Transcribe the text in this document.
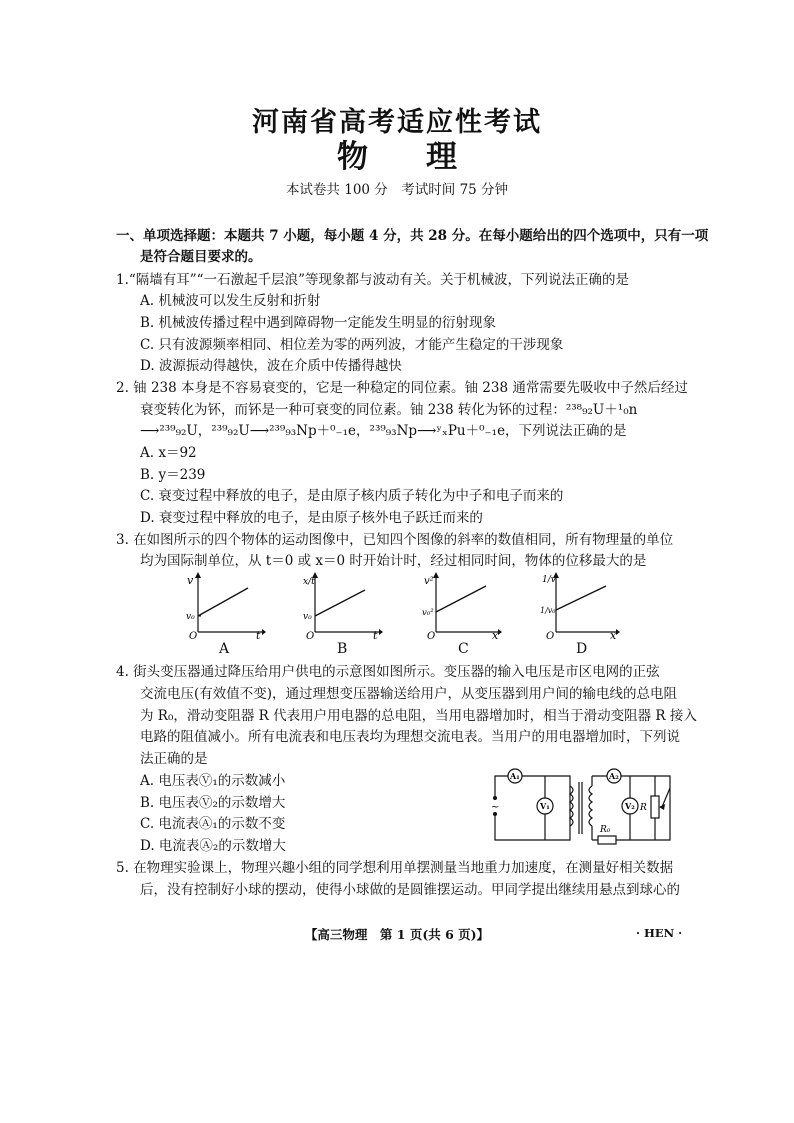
河南省高考适应性考试
物理
本试卷共 100 分　考试时间 75 分钟
一、单项选择题：本题共 7 小题，每小题 4 分，共 28 分。在每小题给出的四个选项中，只有一项
是符合题目要求的。
1.“隔墙有耳”“一石激起千层浪”等现象都与波动有关。关于机械波，下列说法正确的是
A. 机械波可以发生反射和折射
B. 机械波传播过程中遇到障碍物一定能发生明显的衍射现象
C. 只有波源频率相同、相位差为零的两列波，才能产生稳定的干涉现象
D. 波源振动得越快，波在介质中传播得越快
2. 铀 238 本身是不容易衰变的，它是一种稳定的同位素。铀 238 通常需要先吸收中子然后经过
衰变转化为钚，而钚是一种可衰变的同位素。铀 238 转化为钚的过程：²³⁸₉₂U＋¹₀n
⟶²³⁹₉₂U，²³⁹₉₂U⟶²³⁹₉₃Np＋⁰₋₁e，²³⁹₉₃Np⟶ʸₓPu＋⁰₋₁e，下列说法正确的是
A. x＝92
B. y＝239
C. 衰变过程中释放的电子，是由原子核内质子转化为中子和电子而来的
D. 衰变过程中释放的电子，是由原子核外电子跃迁而来的
3. 在如图所示的四个物体的运动图像中，已知四个图像的斜率的数值相同，所有物理量的单位
均为国际制单位，从 t＝0 或 x＝0 时开始计时，经过相同时间，物体的位移最大的是
v
t
v₀
O
A
x/t
t
v₀
O
B
v²
x
v₀²
O
C
1/v
x
1/v₀
O
D
4. 街头变压器通过降压给用户供电的示意图如图所示。变压器的输入电压是市区电网的正弦
交流电压(有效值不变)，通过理想变压器输送给用户，从变压器到用户间的输电线的总电阻
为 R₀，滑动变阻器 R 代表用户用电器的总电阻，当用电器增加时，相当于滑动变阻器 R 接入
电路的阻值减小。所有电流表和电压表均为理想交流电表。当用户的用电器增加时，下列说
法正确的是
A. 电压表Ⓥ₁的示数减小
B. 电压表Ⓥ₂的示数增大
C. 电流表Ⓐ₁的示数不变
D. 电流表Ⓐ₂的示数增大
~
A₁
V₁
A₂
V₂ R
R₀
5. 在物理实验课上，物理兴趣小组的同学想利用单摆测量当地重力加速度，在测量好相关数据
后，没有控制好小球的摆动，使得小球做的是圆锥摆运动。甲同学提出继续用悬点到球心的
【高三物理　第 1 页(共 6 页)】	· HEN ·
